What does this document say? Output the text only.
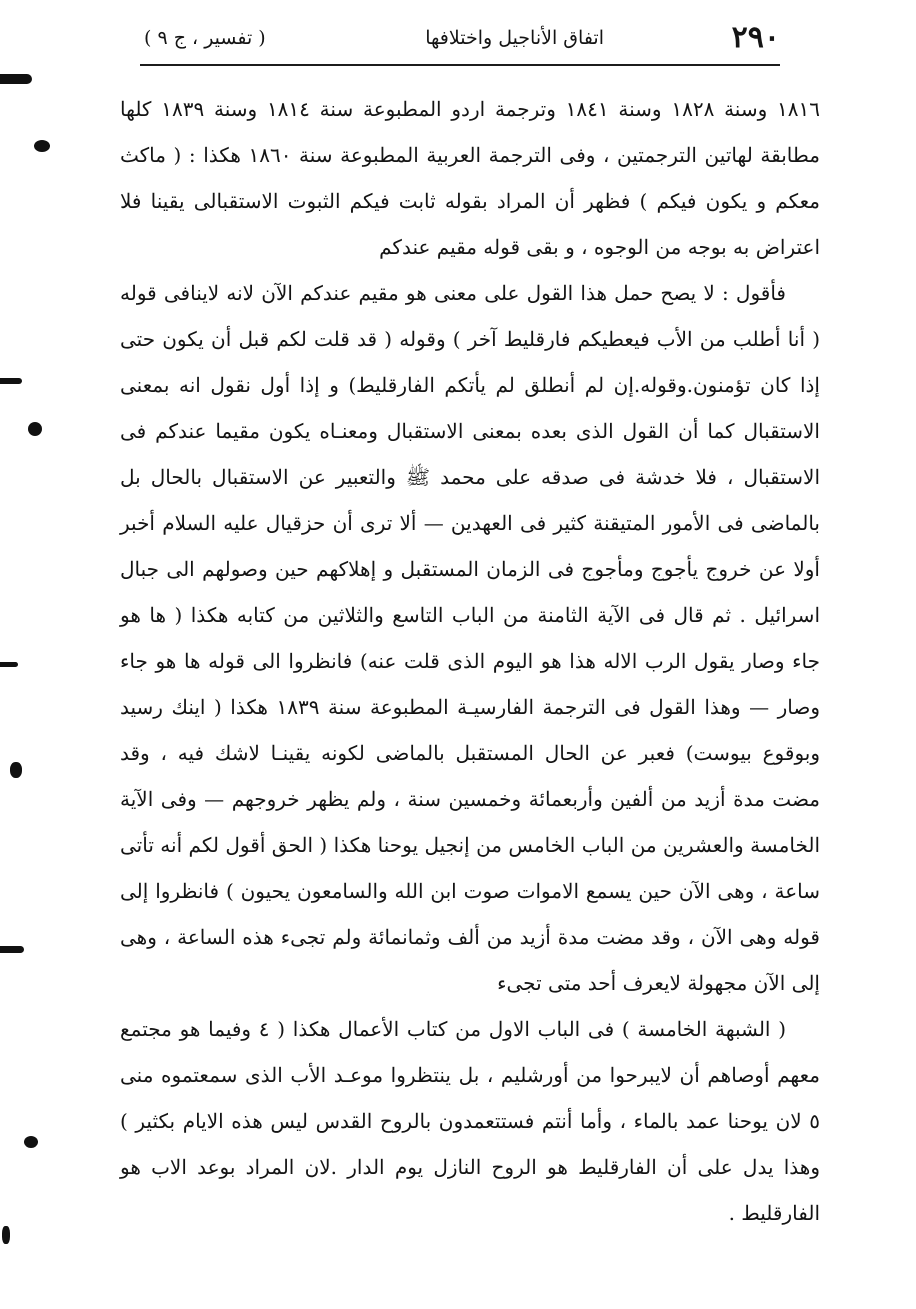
٢٩٠
اتفاق الأناجيل واختلافها
( تفسير ، ج ٩ )

١٨١٦ وسنة ١٨٢٨ وسنة ١٨٤١ وترجمة اردو المطبوعة سنة ١٨١٤ وسنة ١٨٣٩ كلها مطابقة لهاتين الترجمتين ، وفى الترجمة العربية المطبوعة سنة ١٨٦٠ هكذا : ( ماكث معكم و يكون فيكم ) فظهر أن المراد بقوله ثابت فيكم الثبوت الاستقبالى يقينا فلا اعتراض به بوجه من الوجوه ، و بقى قوله مقيم عندكم

فأقول : لا يصح حمل هذا القول على معنى هو مقيم عندكم الآن لانه لاينافى قوله ( أنا أطلب من الأب فيعطيكم فارقليط آخر ) وقوله ( قد قلت لكم قبل أن يكون حتى إذا كان تؤمنون.وقوله.إن لم أنطلق لم يأتكم الفارقليط) و إذا أول نقول انه بمعنى الاستقبال كما أن القول الذى بعده بمعنى الاستقبال ومعنـاه يكون مقيما عندكم فى الاستقبال ، فلا خدشة فى صدقه على محمد ﷺ والتعبير عن الاستقبال بالحال بل بالماضى فى الأمور المتيقنة كثير فى العهدين — ألا ترى أن حزقيال عليه السلام أخبر أولا عن خروج يأجوج ومأجوج فى الزمان المستقبل و إهلاكهم حين وصولهم الى جبال اسرائيل . ثم قال فى الآية الثامنة من الباب التاسع والثلاثين من كتابه هكذا ( ها هو جاء وصار يقول الرب الاله هذا هو اليوم الذى قلت عنه) فانظروا الى قوله ها هو جاء وصار — وهذا القول فى الترجمة الفارسيـة المطبوعة سنة ١٨٣٩ هكذا ( اينك رسيد وبوقوع بيوست) فعبر عن الحال المستقبل بالماضى لكونه يقينـا لاشك فيه ، وقد مضت مدة أزيد من ألفين وأربعمائة وخمسين سنة ، ولم يظهر خروجهم — وفى الآية الخامسة والعشرين من الباب الخامس من إنجيل يوحنا هكذا ( الحق أقول لكم أنه تأتى ساعة ، وهى الآن حين يسمع الاموات صوت ابن الله والسامعون يحيون ) فانظروا إلى قوله وهى الآن ، وقد مضت مدة أزيد من ألف وثمانمائة ولم تجىء هذه الساعة ، وهى إلى الآن مجهولة لايعرف أحد متى تجىء

( الشبهة الخامسة ) فى الباب الاول من كتاب الأعمال هكذا ( ٤ وفيما هو مجتمع معهم أوصاهم أن لايبرحوا من أورشليم ، بل ينتظروا موعـد الأب الذى سمعتموه منى ٥ لان يوحنا عمد بالماء ، وأما أنتم فستتعمدون بالروح القدس ليس هذه الايام بكثير ) وهذا يدل على أن الفارقليط هو الروح النازل يوم الدار .لان المراد بوعد الاب هو الفارقليط .
